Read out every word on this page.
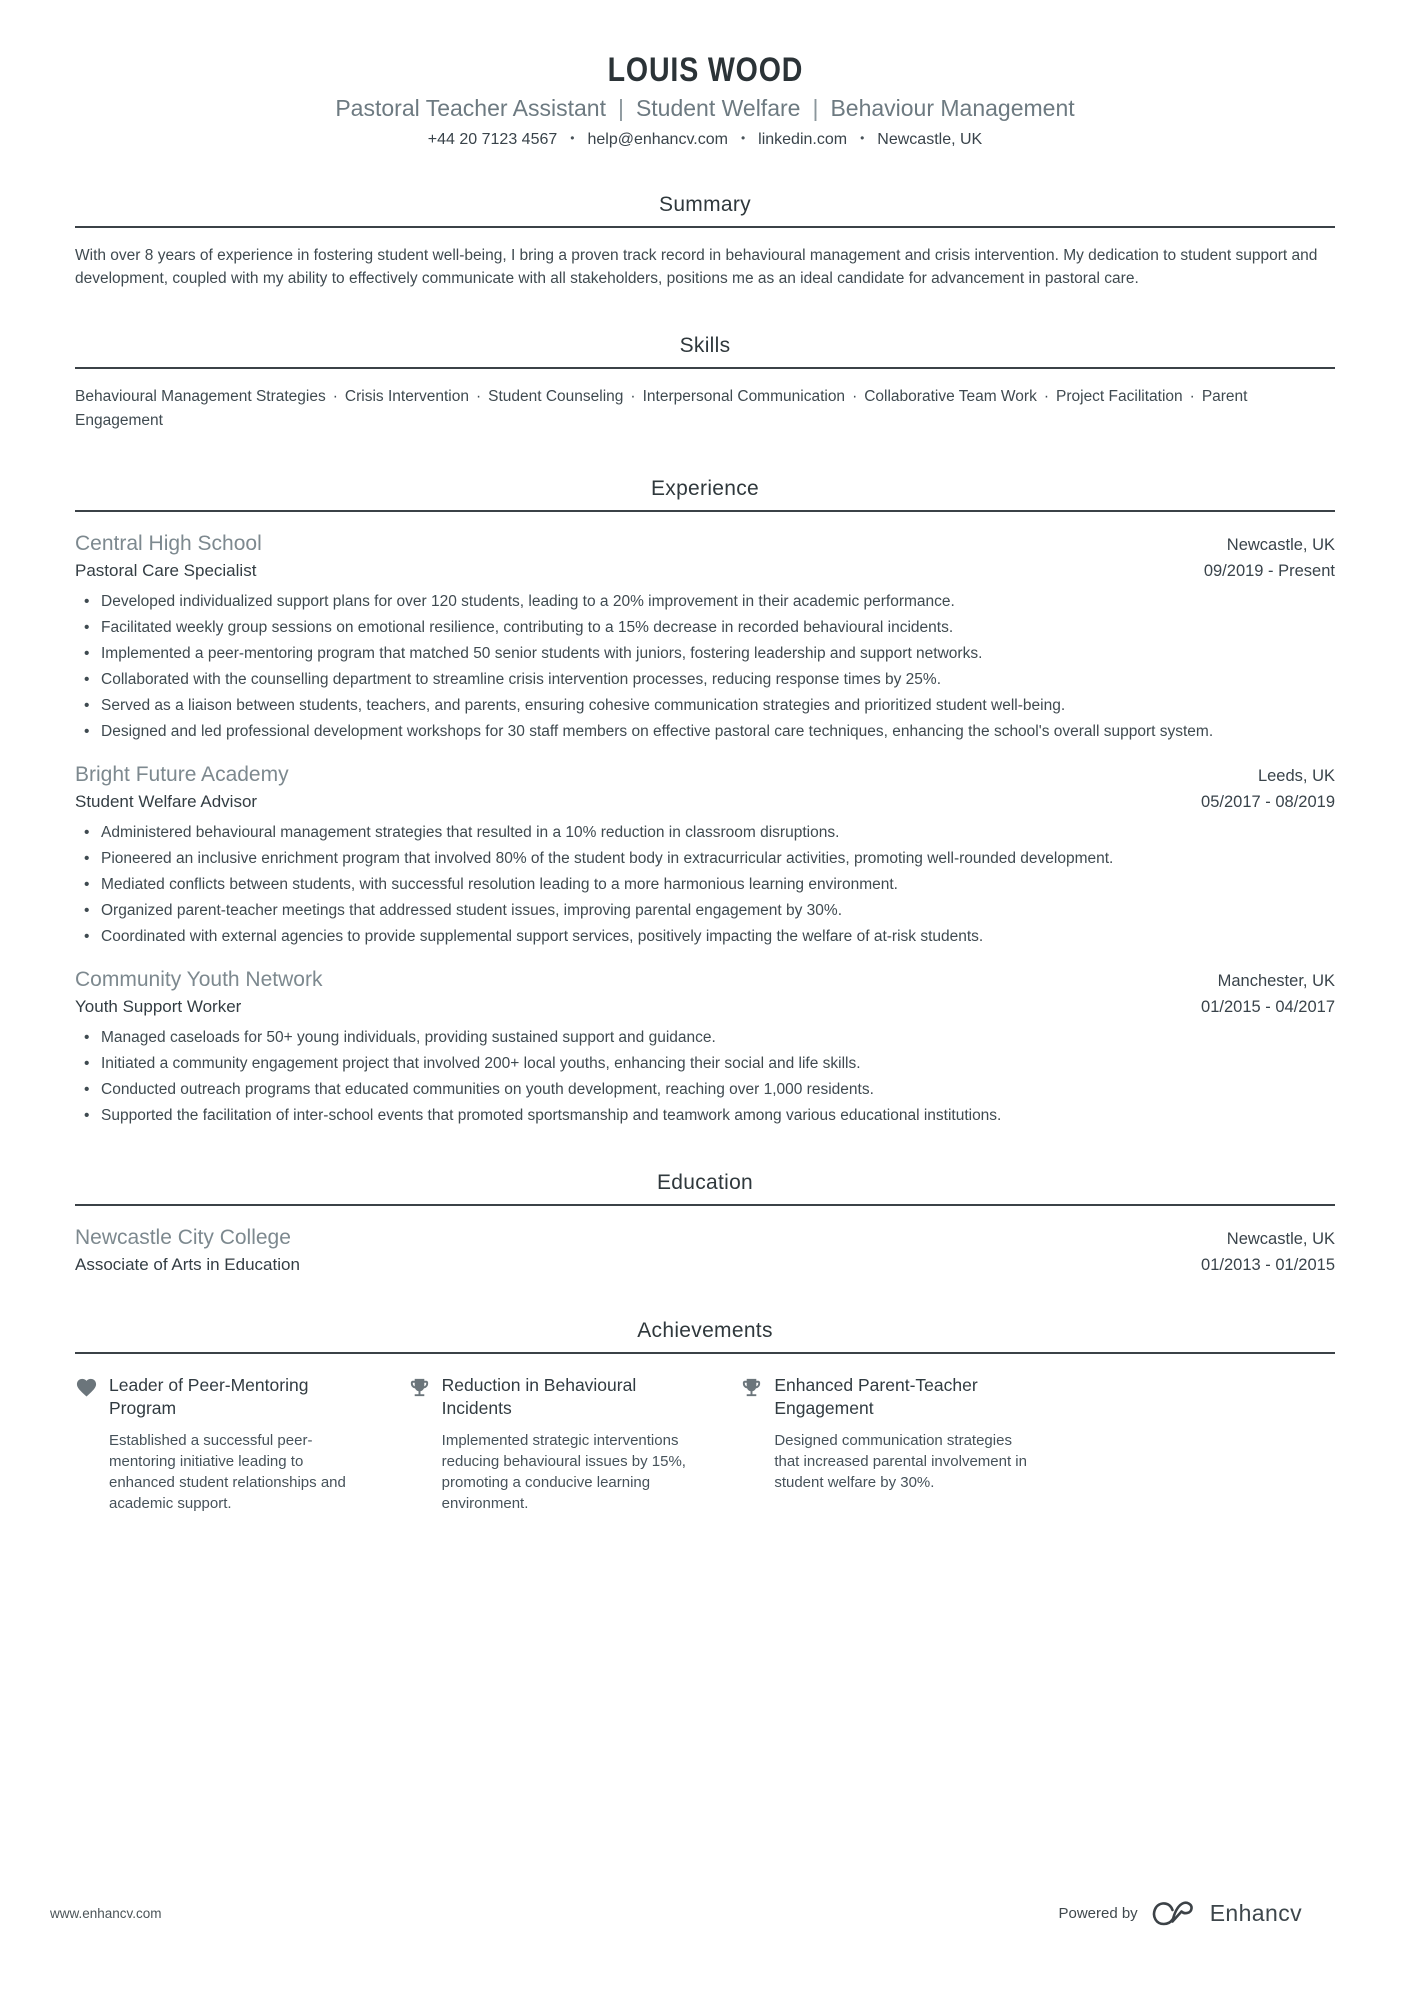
LOUIS WOOD
Pastoral Teacher Assistant | Student Welfare | Behaviour Management
+44 20 7123 4567 • help@enhancv.com • linkedin.com • Newcastle, UK
Summary

With over 8 years of experience in fostering student well-being, I bring a proven track record in behavioural management and crisis intervention. My dedication to student support and development, coupled with my ability to effectively communicate with all stakeholders, positions me as an ideal candidate for advancement in pastoral care.

Skills

Behavioural Management Strategies · Crisis Intervention · Student Counseling · Interpersonal Communication · Collaborative Team Work · Project Facilitation · Parent Engagement

Experience
Central High School	Newcastle, UK
Pastoral Care Specialist	09/2019 - Present
• Developed individualized support plans for over 120 students, leading to a 20% improvement in their academic performance.
• Facilitated weekly group sessions on emotional resilience, contributing to a 15% decrease in recorded behavioural incidents.
• Implemented a peer-mentoring program that matched 50 senior students with juniors, fostering leadership and support networks.
• Collaborated with the counselling department to streamline crisis intervention processes, reducing response times by 25%.
• Served as a liaison between students, teachers, and parents, ensuring cohesive communication strategies and prioritized student well-being.
• Designed and led professional development workshops for 30 staff members on effective pastoral care techniques, enhancing the school's overall support system.
Bright Future Academy	Leeds, UK
Student Welfare Advisor	05/2017 - 08/2019
• Administered behavioural management strategies that resulted in a 10% reduction in classroom disruptions.
• Pioneered an inclusive enrichment program that involved 80% of the student body in extracurricular activities, promoting well-rounded development.
• Mediated conflicts between students, with successful resolution leading to a more harmonious learning environment.
• Organized parent-teacher meetings that addressed student issues, improving parental engagement by 30%.
• Coordinated with external agencies to provide supplemental support services, positively impacting the welfare of at-risk students.
Community Youth Network	Manchester, UK
Youth Support Worker	01/2015 - 04/2017
• Managed caseloads for 50+ young individuals, providing sustained support and guidance.
• Initiated a community engagement project that involved 200+ local youths, enhancing their social and life skills.
• Conducted outreach programs that educated communities on youth development, reaching over 1,000 residents.
• Supported the facilitation of inter-school events that promoted sportsmanship and teamwork among various educational institutions.
Education
Newcastle City College	Newcastle, UK
Associate of Arts in Education	01/2013 - 01/2015
Achievements
Leader of Peer-Mentoring Program
Established a successful peer-mentoring initiative leading to enhanced student relationships and academic support.
Reduction in Behavioural Incidents
Implemented strategic interventions reducing behavioural issues by 15%, promoting a conducive learning environment.
Enhanced Parent-Teacher Engagement
Designed communication strategies that increased parental involvement in student welfare by 30%.
www.enhancv.com	Powered by	Enhancv
